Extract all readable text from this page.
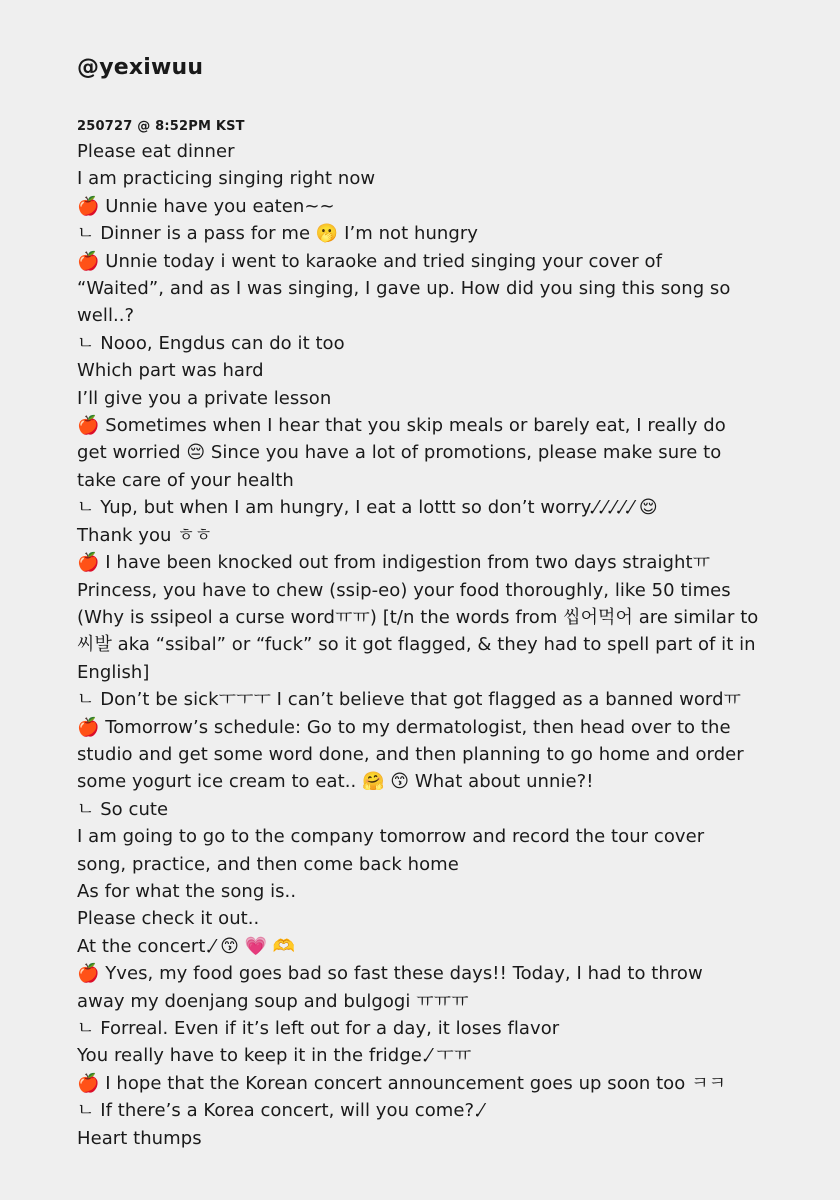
@yexiwuu
250727 @ 8:52PM KST
Please eat dinner
I am practicing singing right now
🍎 Unnie have you eaten~~
ㄴ Dinner is a pass for me 🫢 I’m not hungry
🍎 Unnie today i went to karaoke and tried singing your cover of
“Waited”, and as I was singing, I gave up. How did you sing this song so
well..?
ㄴ Nooo, Engdus can do it too
Which part was hard
I’ll give you a private lesson
🍎 Sometimes when I hear that you skip meals or barely eat, I really do
get worried 😔 Since you have a lot of promotions, please make sure to
take care of your health
ㄴ Yup, but when I am hungry, I eat a lottt so don’t worry.⁄.⁄.⁄.⁄.⁄ 😌
Thank you ㅎㅎ
🍎 I have been knocked out from indigestion from two days straightㅠ
Princess, you have to chew (ssip-eo) your food thoroughly, like 50 times
(Why is ssipeol a curse wordㅠㅠ) [t/n the words from 씹어먹어 are similar to
씨발 aka “ssibal” or “fuck” so it got flagged, & they had to spell part of it in
English]
ㄴ Don’t be sickㅜㅜㅜ I can’t believe that got flagged as a banned wordㅠ
🍎 Tomorrow’s schedule: Go to my dermatologist, then head over to the
studio and get some word done, and then planning to go home and order
some yogurt ice cream to eat.. 🤗 😙 What about unnie?!
ㄴ So cute
I am going to go to the company tomorrow and record the tour cover
song, practice, and then come back home
As for what the song is..
Please check it out..
At the concert.⁄ 😙 💗 🫶
🍎 Yves, my food goes bad so fast these days!! Today, I had to throw
away my doenjang soup and bulgogi ㅠㅠㅠ
ㄴ Forreal. Even if it’s left out for a day, it loses flavor
You really have to keep it in the fridge.⁄ ㅜㅠ
🍎 I hope that the Korean concert announcement goes up soon too ㅋㅋ
ㄴ If there’s a Korea concert, will you come?.⁄
Heart thumps
